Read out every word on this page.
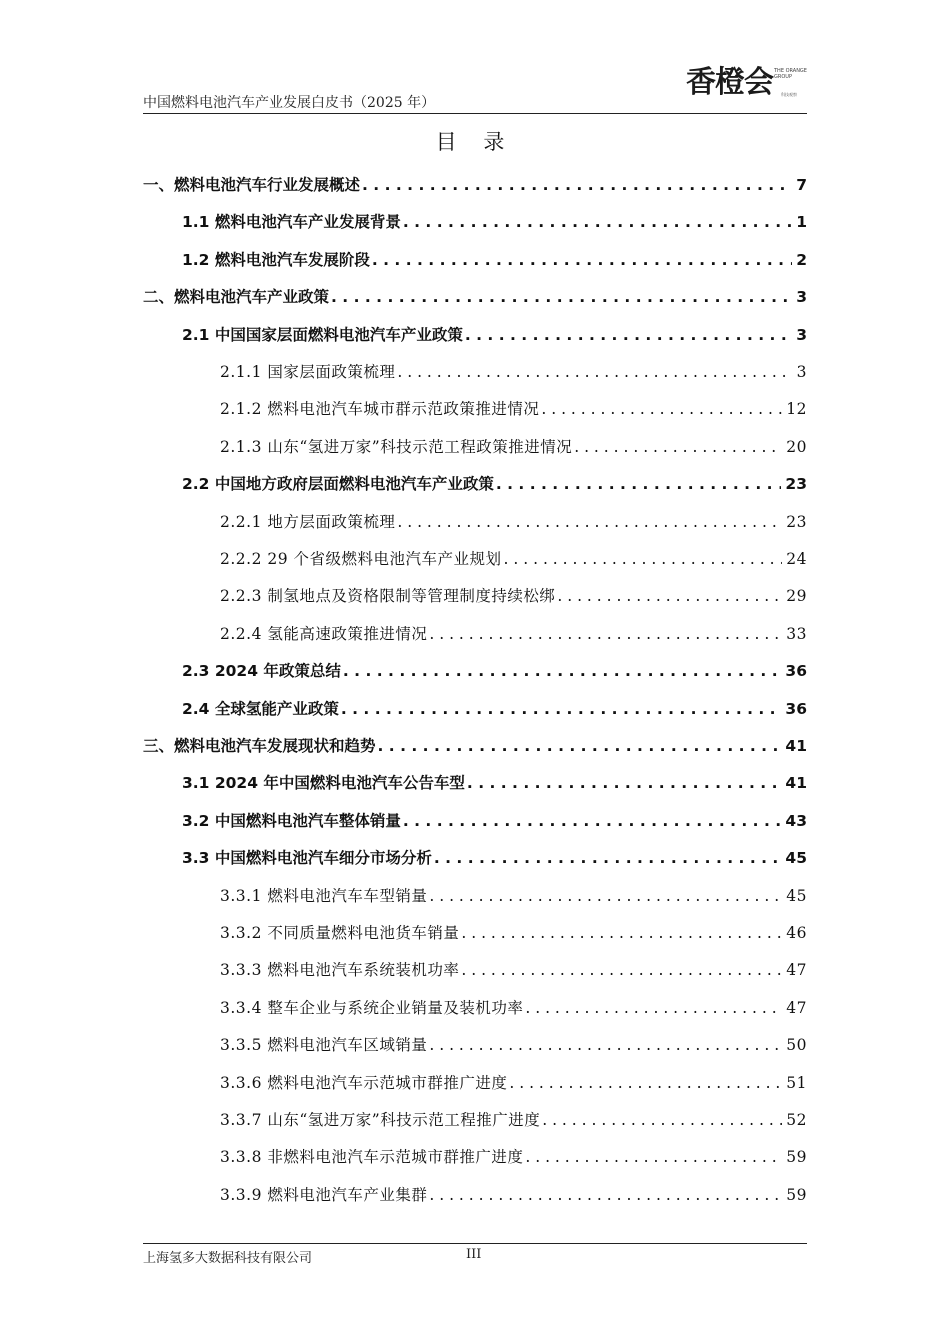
中国燃料电池汽车产业发展白皮书（2025 年）
香橙会 THE ORANGE GROUP
科技观察
目 录
一、燃料电池汽车行业发展概述 . . .	7
1.1 燃料电池汽车产业发展背景 . . .	1
1.2 燃料电池汽车发展阶段 . . .	2
二、燃料电池汽车产业政策 . . .	3
2.1 中国国家层面燃料电池汽车产业政策 . . .	3
2.1.1 国家层面政策梳理 . . .	3
2.1.2 燃料电池汽车城市群示范政策推进情况 . . .	12
2.1.3 山东“氢进万家”科技示范工程政策推进情况 . . .	20
2.2 中国地方政府层面燃料电池汽车产业政策 . . .	23
2.2.1 地方层面政策梳理 . . .	23
2.2.2 29 个省级燃料电池汽车产业规划 . . .	24
2.2.3 制氢地点及资格限制等管理制度持续松绑 . . .	29
2.2.4 氢能高速政策推进情况 . . .	33
2.3 2024 年政策总结 . . .	36
2.4 全球氢能产业政策 . . .	36
三、燃料电池汽车发展现状和趋势 . . .	41
3.1 2024 年中国燃料电池汽车公告车型 . . .	41
3.2 中国燃料电池汽车整体销量 . . .	43
3.3 中国燃料电池汽车细分市场分析 . . .	45
3.3.1 燃料电池汽车车型销量 . . .	45
3.3.2 不同质量燃料电池货车销量 . . .	46
3.3.3 燃料电池汽车系统装机功率 . . .	47
3.3.4 整车企业与系统企业销量及装机功率 . . .	47
3.3.5 燃料电池汽车区域销量 . . .	50
3.3.6 燃料电池汽车示范城市群推广进度 . . .	51
3.3.7 山东“氢进万家”科技示范工程推广进度 . . .	52
3.3.8 非燃料电池汽车示范城市群推广进度 . . .	59
3.3.9 燃料电池汽车产业集群 . . .	59
上海氢多大数据科技有限公司	III
